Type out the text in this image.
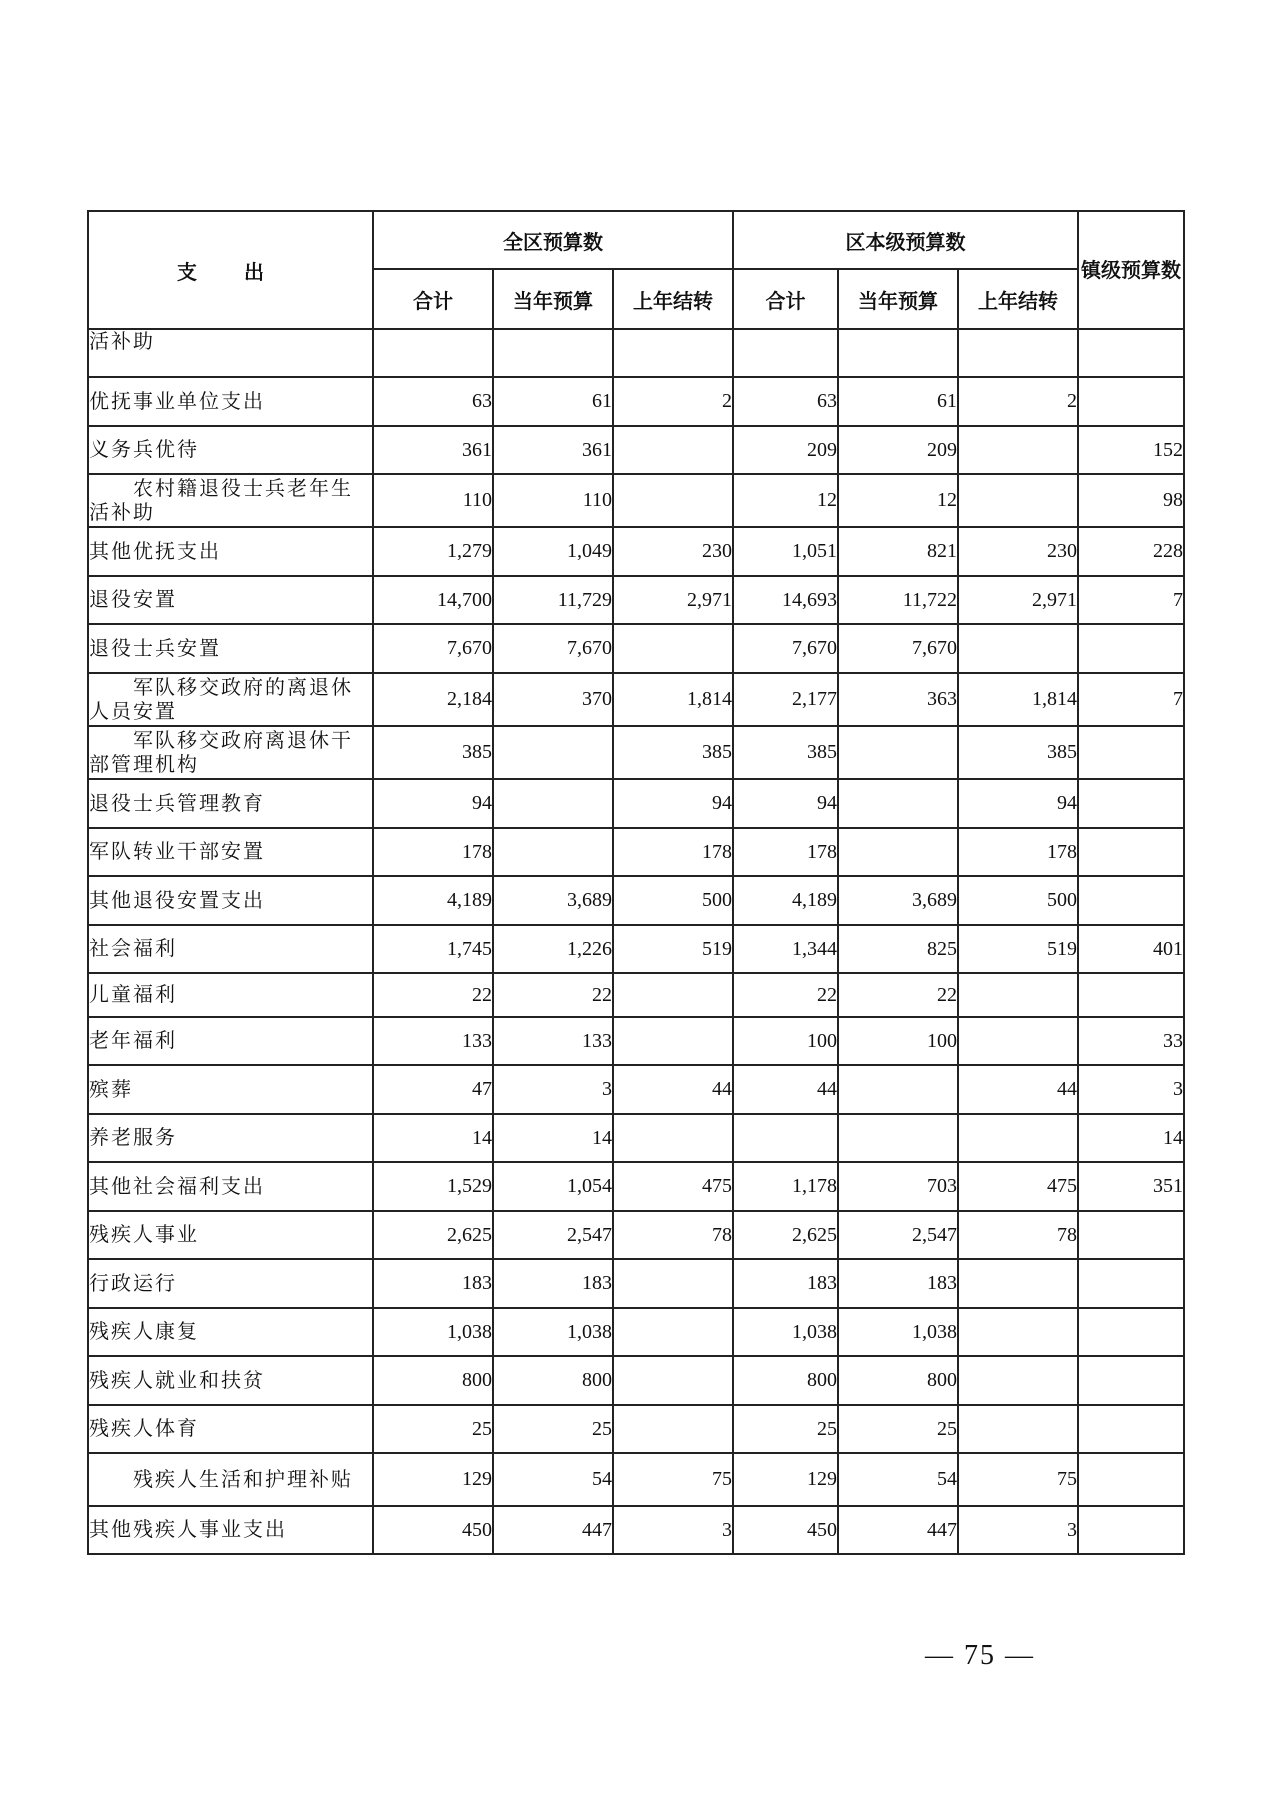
支 出	全区预算数			区本级预算数			镇级预算数
	合计	当年预算	上年结转	合计	当年预算	上年结转	
活补助							
优抚事业单位支出	63	61	2	63	61	2	
义务兵优待	361	361		209	209		152
农村籍退役士兵老年生活补助	110	110		12	12		98
其他优抚支出	1,279	1,049	230	1,051	821	230	228
退役安置	14,700	11,729	2,971	14,693	11,722	2,971	7
退役士兵安置	7,670	7,670		7,670	7,670		
军队移交政府的离退休人员安置	2,184	370	1,814	2,177	363	1,814	7
军队移交政府离退休干部管理机构	385		385	385		385	
退役士兵管理教育	94		94	94		94	
军队转业干部安置	178		178	178		178	
其他退役安置支出	4,189	3,689	500	4,189	3,689	500	
社会福利	1,745	1,226	519	1,344	825	519	401
儿童福利	22	22		22	22		
老年福利	133	133		100	100		33
殡葬	47	3	44	44		44	3
养老服务	14	14					14
其他社会福利支出	1,529	1,054	475	1,178	703	475	351
残疾人事业	2,625	2,547	78	2,625	2,547	78	
行政运行	183	183		183	183		
残疾人康复	1,038	1,038		1,038	1,038		
残疾人就业和扶贫	800	800		800	800		
残疾人体育	25	25		25	25		
残疾人生活和护理补贴	129	54	75	129	54	75	
其他残疾人事业支出	450	447	3	450	447	3	
— 75 —
